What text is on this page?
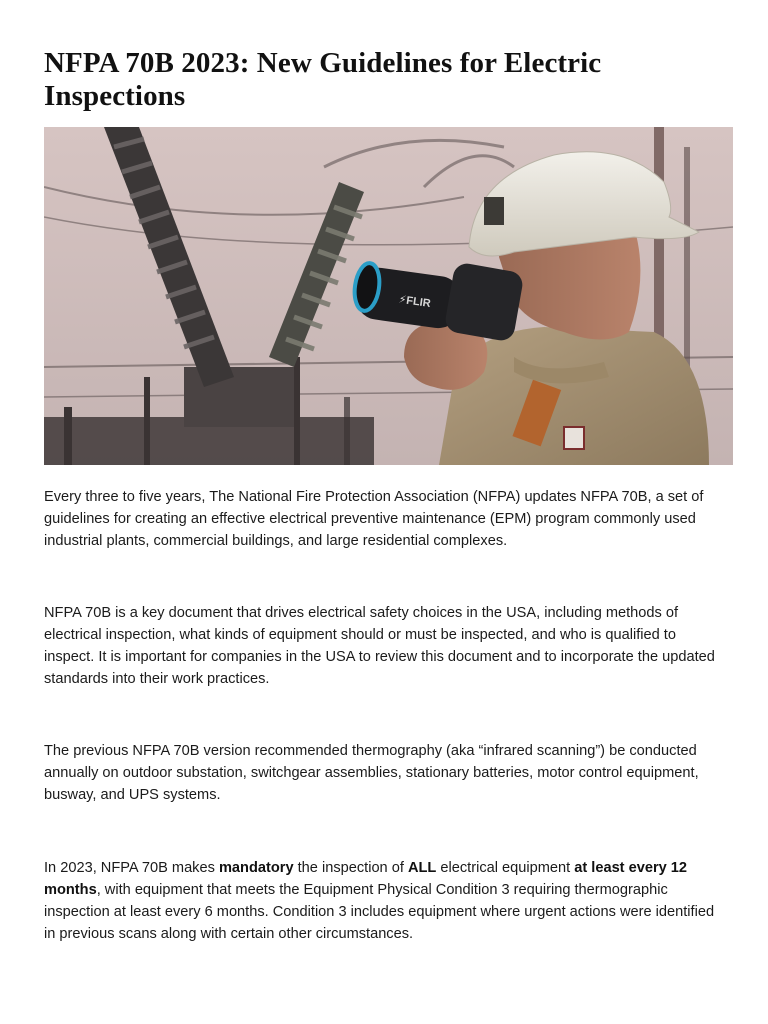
NFPA 70B 2023: New Guidelines for Electric
Inspections
⚡FLIR

Every three to five years, The National Fire Protection Association (NFPA) updates NFPA 70B, a set of
guidelines for creating an effective electrical preventive maintenance (EPM) program commonly used
industrial plants, commercial buildings, and large residential complexes.

NFPA 70B is a key document that drives electrical safety choices in the USA, including methods of
electrical inspection, what kinds of equipment should or must be inspected, and who is qualified to
inspect. It is important for companies in the USA to review this document and to incorporate the updated
standards into their work practices.

The previous NFPA 70B version recommended thermography (aka “infrared scanning”) be conducted
annually on outdoor substation, switchgear assemblies, stationary batteries, motor control equipment,
busway, and UPS systems.

In 2023, NFPA 70B makes mandatory the inspection of ALL electrical equipment at least every 12
months, with equipment that meets the Equipment Physical Condition 3 requiring thermographic
inspection at least every 6 months. Condition 3 includes equipment where urgent actions were identified
in previous scans along with certain other circumstances.
